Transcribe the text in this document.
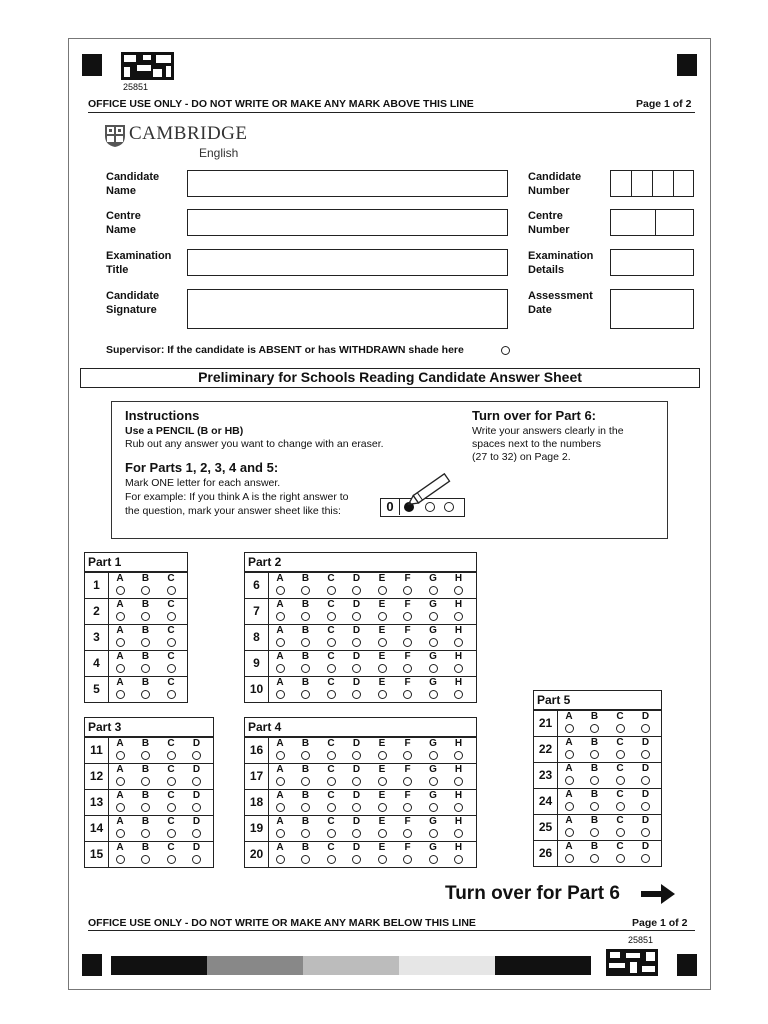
25851
OFFICE USE ONLY - DO NOT WRITE OR MAKE ANY MARK ABOVE THIS LINE	Page 1 of 2
CAMBRIDGE
English
Candidate
Name
Centre
Name
Examination
Title
Candidate
Signature
Candidate
Number
Centre
Number
Examination
Details
Assessment
Date
Supervisor: If the candidate is ABSENT or has WITHDRAWN shade here
Preliminary for Schools Reading Candidate Answer Sheet
Instructions
Use a PENCIL (B or HB)
Rub out any answer you want to change with an eraser.
For Parts 1, 2, 3, 4 and 5:
Mark ONE letter for each answer.
For example: If you think A is the right answer to
the question, mark your answer sheet like this:	0
Turn over for Part 6:
Write your answers clearly in the
spaces next to the numbers
(27 to 32) on Page 2.
Part 1
1	A B C
2	A B C
3	A B C
4	A B C
5	A B C
Part 2
6	A B C D E F G H
7	A B C D E F G H
8	A B C D E F G H
9	A B C D E F G H
10	A B C D E F G H
Part 3
11	A B C D
12	A B C D
13	A B C D
14	A B C D
15	A B C D
Part 4
16	A B C D E F G H
17	A B C D E F G H
18	A B C D E F G H
19	A B C D E F G H
20	A B C D E F G H
Part 5
21	A B C D
22	A B C D
23	A B C D
24	A B C D
25	A B C D
26	A B C D
Turn over for Part 6
OFFICE USE ONLY - DO NOT WRITE OR MAKE ANY MARK BELOW THIS LINE	Page 1 of 2
25851
